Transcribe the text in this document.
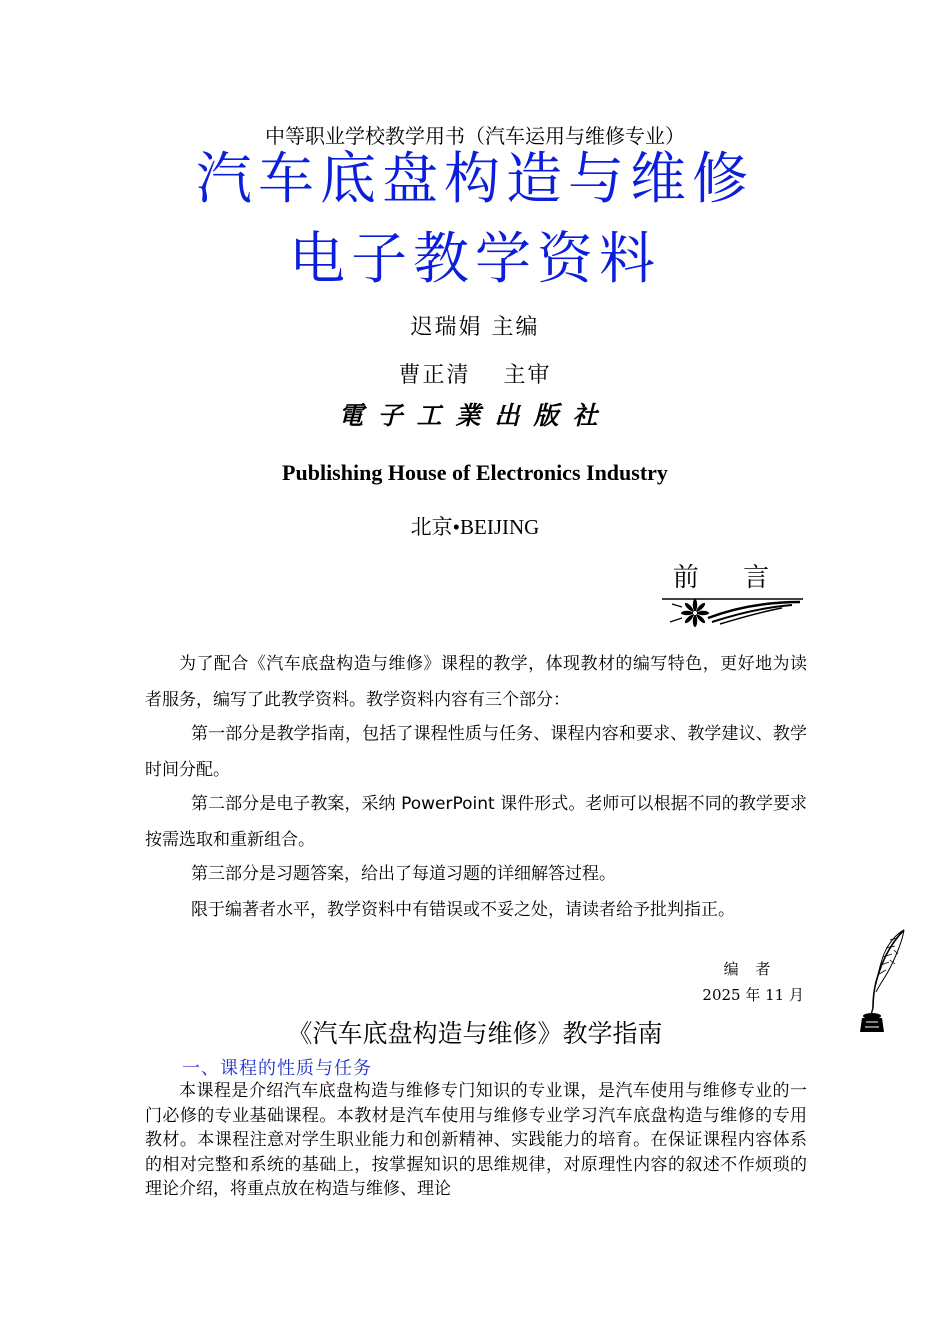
中等职业学校教学用书（汽车运用与维修专业）
汽车底盘构造与维修
电子教学资料
迟瑞娟 主编
曹正清　 主审
電子工業出版社
Publishing House of Electronics Industry
北京•BEIJING
前 言
为了配合《汽车底盘构造与维修》课程的教学，体现教材的编写特色，更好地为读者服务，编写了此教学资料。教学资料内容有三个部分：
第一部分是教学指南，包括了课程性质与任务、课程内容和要求、教学建议、教学时间分配。
第二部分是电子教案，采纳 PowerPoint 课件形式。老师可以根据不同的教学要求按需选取和重新组合。
第三部分是习题答案，给出了每道习题的详细解答过程。
限于编著者水平，教学资料中有错误或不妥之处，请读者给予批判指正。
编 者
2025 年 11 月
《汽车底盘构造与维修》教学指南
一、课程的性质与任务
本课程是介绍汽车底盘构造与维修专门知识的专业课，是汽车使用与维修专业的一门必修的专业基础课程。本教材是汽车使用与维修专业学习汽车底盘构造与维修的专用教材。本课程注意对学生职业能力和创新精神、实践能力的培育。在保证课程内容体系的相对完整和系统的基础上，按掌握知识的思维规律，对原理性内容的叙述不作烦琐的理论介绍，将重点放在构造与维修、理论
